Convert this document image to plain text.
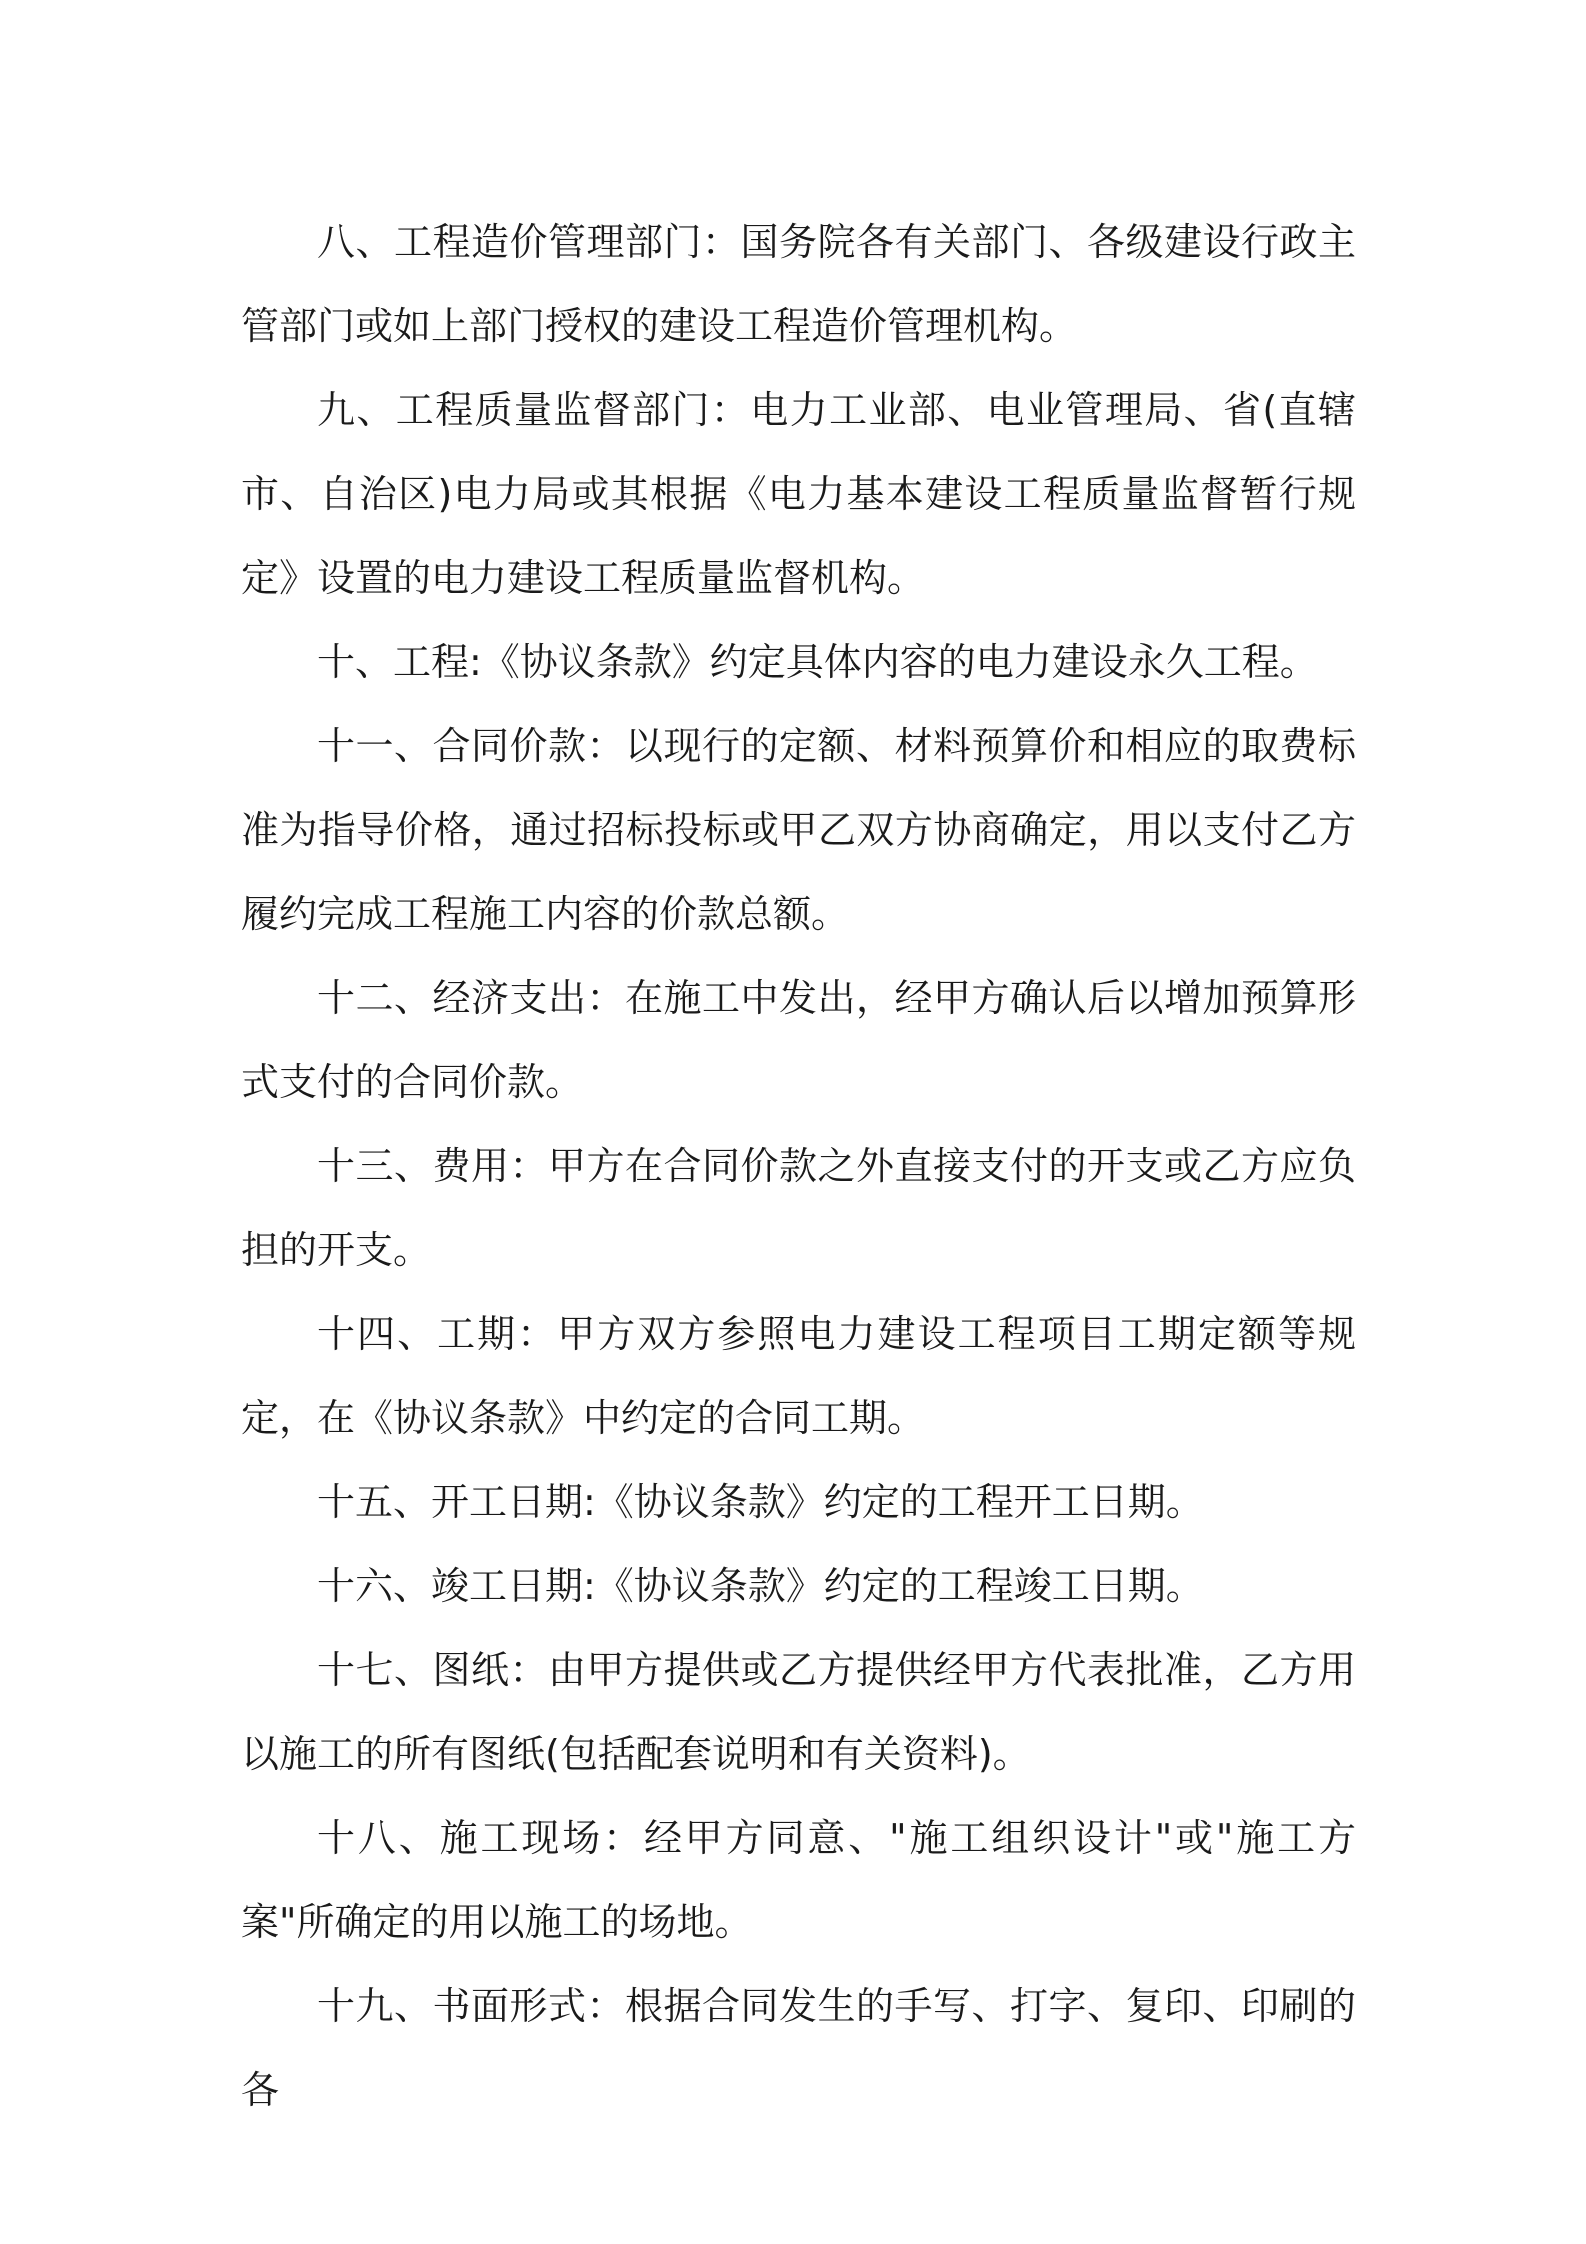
八、工程造价管理部门：国务院各有关部门、各级建设行政主管部门或如上部门授权的建设工程造价管理机构。

九、工程质量监督部门：电力工业部、电业管理局、省(直辖市、自治区)电力局或其根据《电力基本建设工程质量监督暂行规定》设置的电力建设工程质量监督机构。

十、工程:《协议条款》约定具体内容的电力建设永久工程。

十一、合同价款：以现行的定额、材料预算价和相应的取费标准为指导价格，通过招标投标或甲乙双方协商确定，用以支付乙方履约完成工程施工内容的价款总额。

十二、经济支出：在施工中发出，经甲方确认后以增加预算形式支付的合同价款。

十三、费用：甲方在合同价款之外直接支付的开支或乙方应负担的开支。

十四、工期：甲方双方参照电力建设工程项目工期定额等规定，在《协议条款》中约定的合同工期。

十五、开工日期:《协议条款》约定的工程开工日期。

十六、竣工日期:《协议条款》约定的工程竣工日期。

十七、图纸：由甲方提供或乙方提供经甲方代表批准，乙方用以施工的所有图纸(包括配套说明和有关资料)。

十八、施工现场：经甲方同意、"施工组织设计"或"施工方案"所确定的用以施工的场地。

十九、书面形式：根据合同发生的手写、打字、复印、印刷的各
